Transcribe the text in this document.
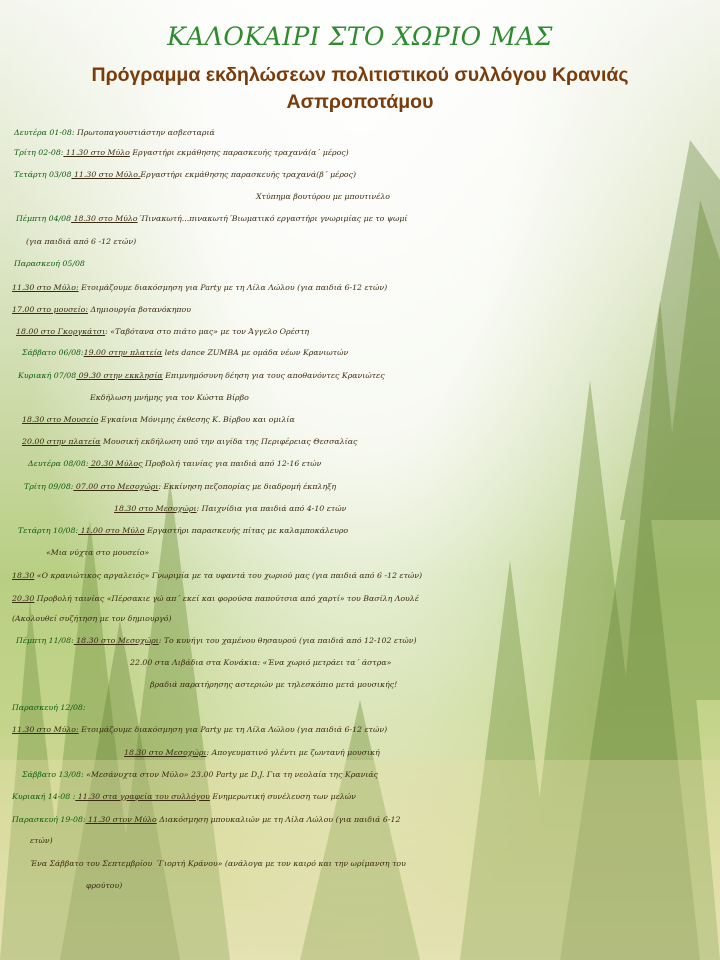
ΚΑΛΟΚΑΙΡΙ ΣΤΟ ΧΩΡΙΟ ΜΑΣ
Πρόγραμμα εκδηλώσεων πολιτιστικού συλλόγου Κρανιάς
Ασπροποτάμου
Δευτέρα 01-08: Πρωτοπαγουστιάστην ασβεσταριά
Τρίτη 02-08: 11.30 στο Μύλο Εργαστήρι εκμάθησης παρασκευής τραχανά(α΄ μέρος)
Τετάρτη 03/08 11.30 στο Μύλο.Εργαστήρι εκμάθησης παρασκευής τραχανά(β΄ μέρος)
Χτύπημα βουτύρου με μπουτινέλο
Πέμπτη 04/08 18.30 στο Μύλο΄Πινακωτή...πινακωτή΄Βιωματικό εργαστήρι γνωριμίας με το ψωμί
(για παιδιά από 6 -12 ετών)
Παρασκευή 05/08
11.30 στο Μύλο: Ετοιμάζουμε διακόσμηση για Party με τη Λίλα Λώλου (για παιδιά 6-12 ετών)
17.00 στο μουσείο: Δημιουργία βοτανόκηπου
18.00 στο Γκοργκάτσι: «Ταβότανα στο πιάτο μας» με τον Άγγελο Ορέστη
Σάββατο 06/08:19.00 στην πλατεία lets dance ZUMBA με ομάδα νέων Κρανιωτών
Κυριακή 07/08 09.30 στην εκκλησία Επιμνημόσυνη δέηση για τους αποθανόντες Κρανιώτες
Εκδήλωση μνήμης για τον Κώστα Βίρβο
18.30 στο Μουσείο Εγκαίνια Μόνιμης έκθεσης Κ. Βίρβου και ομιλία
20.00 στην πλατεία Μουσική εκδήλωση υπό την αιγίδα της Περιφέρειας Θεσσαλίας
Δευτέρα 08/08: 20.30 Μύλος Προβολή ταινίας για παιδιά από 12-16 ετών
Τρίτη 09/08: 07.00 στο Μεσοχώρι: Εκκίνηση πεζοπορίας με διαδρομή έκπληξη
18.30 στο Μεσοχώρι: Παιχνίδια για παιδιά από 4-10 ετών
Τετάρτη 10/08: 11.00 στο Μύλο Εργαστήρι παρασκευής πίτας με καλαμποκάλευρο
«Μια νύχτα στο μουσείο»
18.30 «Ο κρανιώτικος αργαλειός» Γνωριμία με τα υφαντά του χωριού μας (για παιδιά από 6 -12 ετών)
20.30 Προβολή ταινίας «Πέρσακιε γώ απ΄ εκεί και φορούσα παπούτσια από χαρτί» του Βασίλη Λουλέ
(Ακολουθεί συζήτηση με τον δημιουργό)
Πέμπτη 11/08: 18.30 στο Μεσοχώρι: Το κυνήγι του χαμένου θησαυρού (για παιδιά από 12-102 ετών)
22.00 στα Λιβάδια στα Κονάκια: «Ένα χωριό μετράει τα΄ άστρα»
βραδιά παρατήρησης αστεριών με τηλεσκόπιο μετά μουσικής!
Παρασκευή 12/08:
11.30 στο Μύλο: Ετοιμάζουμε διακόσμηση για Party με τη Λίλα Λώλου (για παιδιά 6-12 ετών)
18.30 στο Μεσοχώρι: Απογευματινό γλέντι με ζωντανή μουσική
Σάββατο 13/08: «Μεσάνυχτα στον Μύλο» 23.00 Party με D.J. Για τη νεολαία της Κρανιάς
Κυριακή 14-08 : 11.30 στα γραφεία του συλλόγου Ενημερωτική συνέλευση των μελών
Παρασκευή 19-08: 11.30 στον Μύλο Διακόσμηση μπουκαλιών με τη Λίλα Λώλου (για παιδιά 6-12
ετών)
Ένα Σάββατο του Σεπτεμβρίου ΄Γιορτή Κράνου» (ανάλογα με τον καιρό και την ωρίμανση του
φρούτου)
